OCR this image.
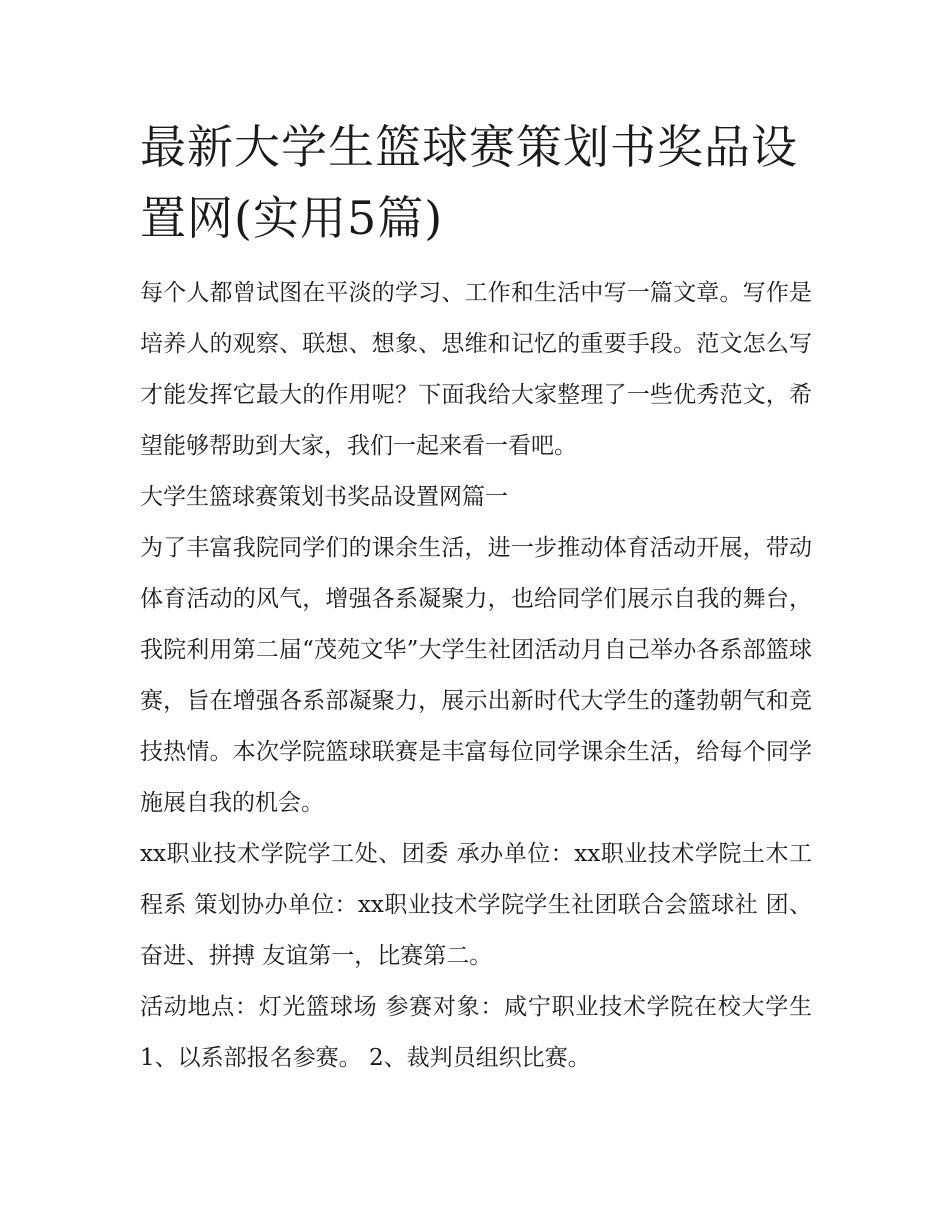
最新大学生篮球赛策划书奖品设置网(实用5篇)

每个人都曾试图在平淡的学习、工作和生活中写一篇文章。写作是培养人的观察、联想、想象、思维和记忆的重要手段。范文怎么写才能发挥它最大的作用呢？下面我给大家整理了一些优秀范文，希望能够帮助到大家，我们一起来看一看吧。

大学生篮球赛策划书奖品设置网篇一

为了丰富我院同学们的课余生活，进一步推动体育活动开展，带动体育活动的风气，增强各系凝聚力，也给同学们展示自我的舞台，我院利用第二届“茂苑文华”大学生社团活动月自己举办各系部篮球赛，旨在增强各系部凝聚力，展示出新时代大学生的蓬勃朝气和竞技热情。本次学院篮球联赛是丰富每位同学课余生活，给每个同学施展自我的机会。

xx职业技术学院学工处、团委 承办单位：xx职业技术学院土木工程系 策划协办单位：xx职业技术学院学生社团联合会篮球社 团、奋进、拼搏 友谊第一，比赛第二。

活动地点：灯光篮球场 参赛对象：咸宁职业技术学院在校大学生 1、以系部报名参赛。 2、裁判员组织比赛。
